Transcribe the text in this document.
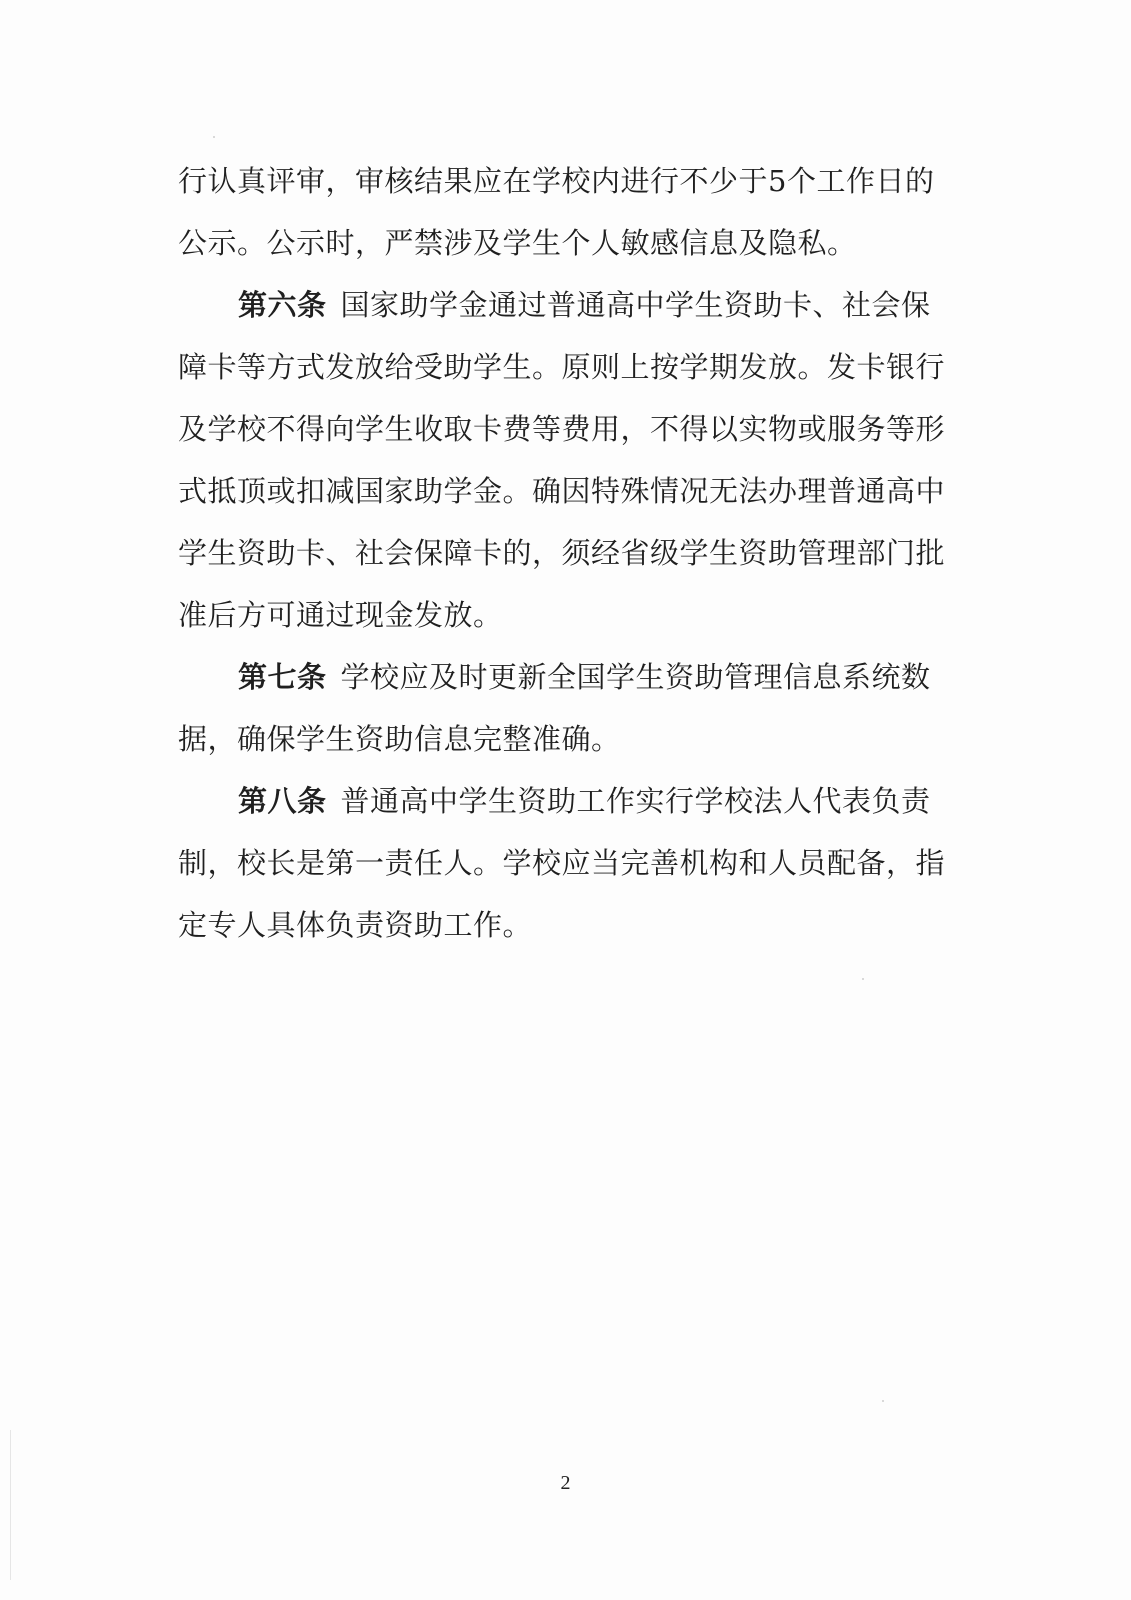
行认真评审，审核结果应在学校内进行不少于5个工作日的
公示。公示时，严禁涉及学生个人敏感信息及隐私。
第六条 国家助学金通过普通高中学生资助卡、社会保
障卡等方式发放给受助学生。原则上按学期发放。发卡银行
及学校不得向学生收取卡费等费用，不得以实物或服务等形
式抵顶或扣减国家助学金。确因特殊情况无法办理普通高中
学生资助卡、社会保障卡的，须经省级学生资助管理部门批
准后方可通过现金发放。
第七条 学校应及时更新全国学生资助管理信息系统数
据，确保学生资助信息完整准确。
第八条 普通高中学生资助工作实行学校法人代表负责
制，校长是第一责任人。学校应当完善机构和人员配备，指
定专人具体负责资助工作。
2
